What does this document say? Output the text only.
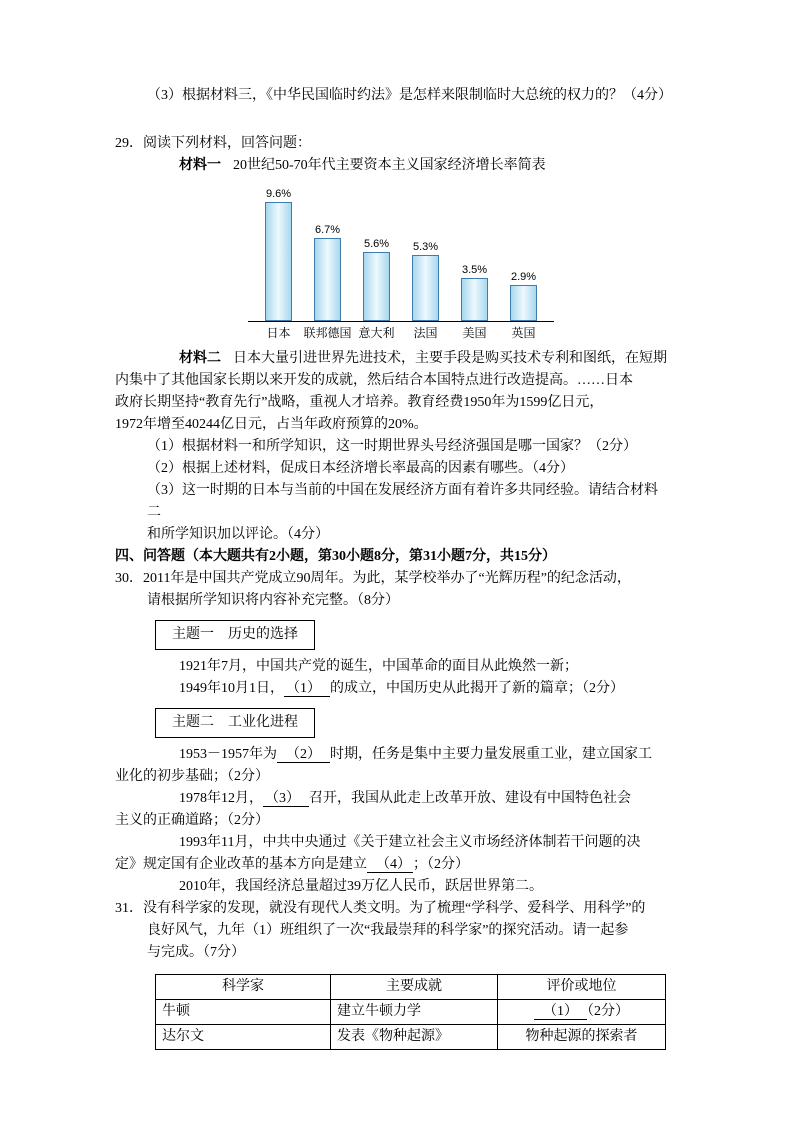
（3）根据材料三，《中华民国临时约法》是怎样来限制临时大总统的权力的？（4分）
29．阅读下列材料，回答问题：
材料一 20世纪50-70年代主要资本主义国家经济增长率简表
9.6%
6.7%
5.6% 5.3%
3.5%
2.9%
日本	联邦德国 意大利	法国	美国	英国
材料二 日本大量引进世界先进技术，主要手段是购买技术专利和图纸，在短期
内集中了其他国家长期以来开发的成就，然后结合本国特点进行改造提高。……日本
政府长期坚持“教育先行”战略，重视人才培养。教育经费1950年为1599亿日元，
1972年增至40244亿日元，占当年政府预算的20%。
（1）根据材料一和所学知识，这一时期世界头号经济强国是哪一国家？（2分）
（2）根据上述材料，促成日本经济增长率最高的因素有哪些。（4分）
（3）这一时期的日本与当前的中国在发展经济方面有着许多共同经验。请结合材料
二
和所学知识加以评论。（4分）
四、问答题（本大题共有2小题，第30小题8分，第31小题7分，共15分）
30．2011年是中国共产党成立90周年。为此，某学校举办了“光辉历程”的纪念活动，
请根据所学知识将内容补充完整。（8分）
主题一　历史的选择
1921年7月，中国共产党的诞生，中国革命的面目从此焕然一新；
1949年10月1日， （1） 的成立，中国历史从此揭开了新的篇章；（2分）
主题二　工业化进程
1953－1957年为 （2） 时期，任务是集中主要力量发展重工业，建立国家工
业化的初步基础；（2分）
1978年12月， （3） 召开，我国从此走上改革开放、建设有中国特色社会
主义的正确道路；（2分）
1993年11月，中共中央通过《关于建立社会主义市场经济体制若干问题的决
定》规定国有企业改革的基本方向是建立 （4） ；（2分）
2010年，我国经济总量超过39万亿人民币，跃居世界第二。
31．没有科学家的发现，就没有现代人类文明。为了梳理“学科学、爱科学、用科学”的
良好风气，九年（1）班组织了一次“我最崇拜的科学家”的探究活动。请一起参
与完成。（7分）
科学家	主要成就	评价或地位
牛顿	建立牛顿力学	（1） （2分）
达尔文	发表《物种起源》	物种起源的探索者
